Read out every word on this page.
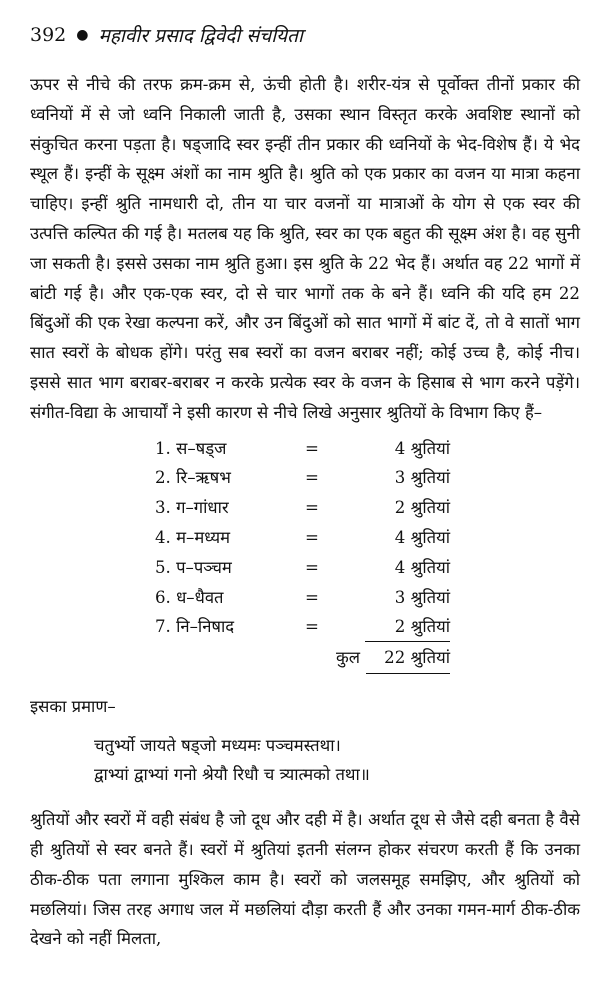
392 ● महावीर प्रसाद द्विवेदी संचयिता

ऊपर से नीचे की तरफ क्रम-क्रम से, ऊंची होती है। शरीर-यंत्र से पूर्वोक्त तीनों प्रकार की ध्वनियों में से जो ध्वनि निकाली जाती है, उसका स्थान विस्तृत करके अवशिष्ट स्थानों को संकुचित करना पड़ता है। षड्जादि स्वर इन्हीं तीन प्रकार की ध्वनियों के भेद-विशेष हैं। ये भेद स्थूल हैं। इन्हीं के सूक्ष्म अंशों का नाम श्रुति है। श्रुति को एक प्रकार का वजन या मात्रा कहना चाहिए। इन्हीं श्रुति नामधारी दो, तीन या चार वजनों या मात्राओं के योग से एक स्वर की उत्पत्ति कल्पित की गई है। मतलब यह कि श्रुति, स्वर का एक बहुत की सूक्ष्म अंश है। वह सुनी जा सकती है। इससे उसका नाम श्रुति हुआ। इस श्रुति के 22 भेद हैं। अर्थात वह 22 भागों में बांटी गई है। और एक-एक स्वर, दो से चार भागों तक के बने हैं। ध्वनि की यदि हम 22 बिंदुओं की एक रेखा कल्पना करें, और उन बिंदुओं को सात भागों में बांट दें, तो वे सातों भाग सात स्वरों के बोधक होंगे। परंतु सब स्वरों का वजन बराबर नहीं; कोई उच्च है, कोई नीच। इससे सात भाग बराबर-बराबर न करके प्रत्येक स्वर के वजन के हिसाब से भाग करने पड़ेंगे। संगीत-विद्या के आचार्यों ने इसी कारण से नीचे लिखे अनुसार श्रुतियों के विभाग किए हैं–

1. स–षड्ज	=	4 श्रुतियां
2. रि–ऋषभ	=	3 श्रुतियां
3. ग–गांधार	=	2 श्रुतियां
4. म–मध्यम	=	4 श्रुतियां
5. प–पञ्चम	=	4 श्रुतियां
6. ध–धैवत	=	3 श्रुतियां
7. नि–निषाद	=	2 श्रुतियां
कुल	22 श्रुतियां
इसका प्रमाण–
चतुर्भ्यो जायते षड्जो मध्यमः पञ्चमस्तथा।
द्वाभ्यां द्वाभ्यां गनो श्रेयौ रिधौ च त्र्यात्मको तथा॥

श्रुतियों और स्वरों में वही संबंध है जो दूध और दही में है। अर्थात दूध से जैसे दही बनता है वैसे ही श्रुतियों से स्वर बनते हैं। स्वरों में श्रुतियां इतनी संलग्न होकर संचरण करती हैं कि उनका ठीक-ठीक पता लगाना मुश्किल काम है। स्वरों को जलसमूह समझिए, और श्रुतियों को मछलियां। जिस तरह अगाध जल में मछलियां दौड़ा करती हैं और उनका गमन-मार्ग ठीक-ठीक देखने को नहीं मिलता,
